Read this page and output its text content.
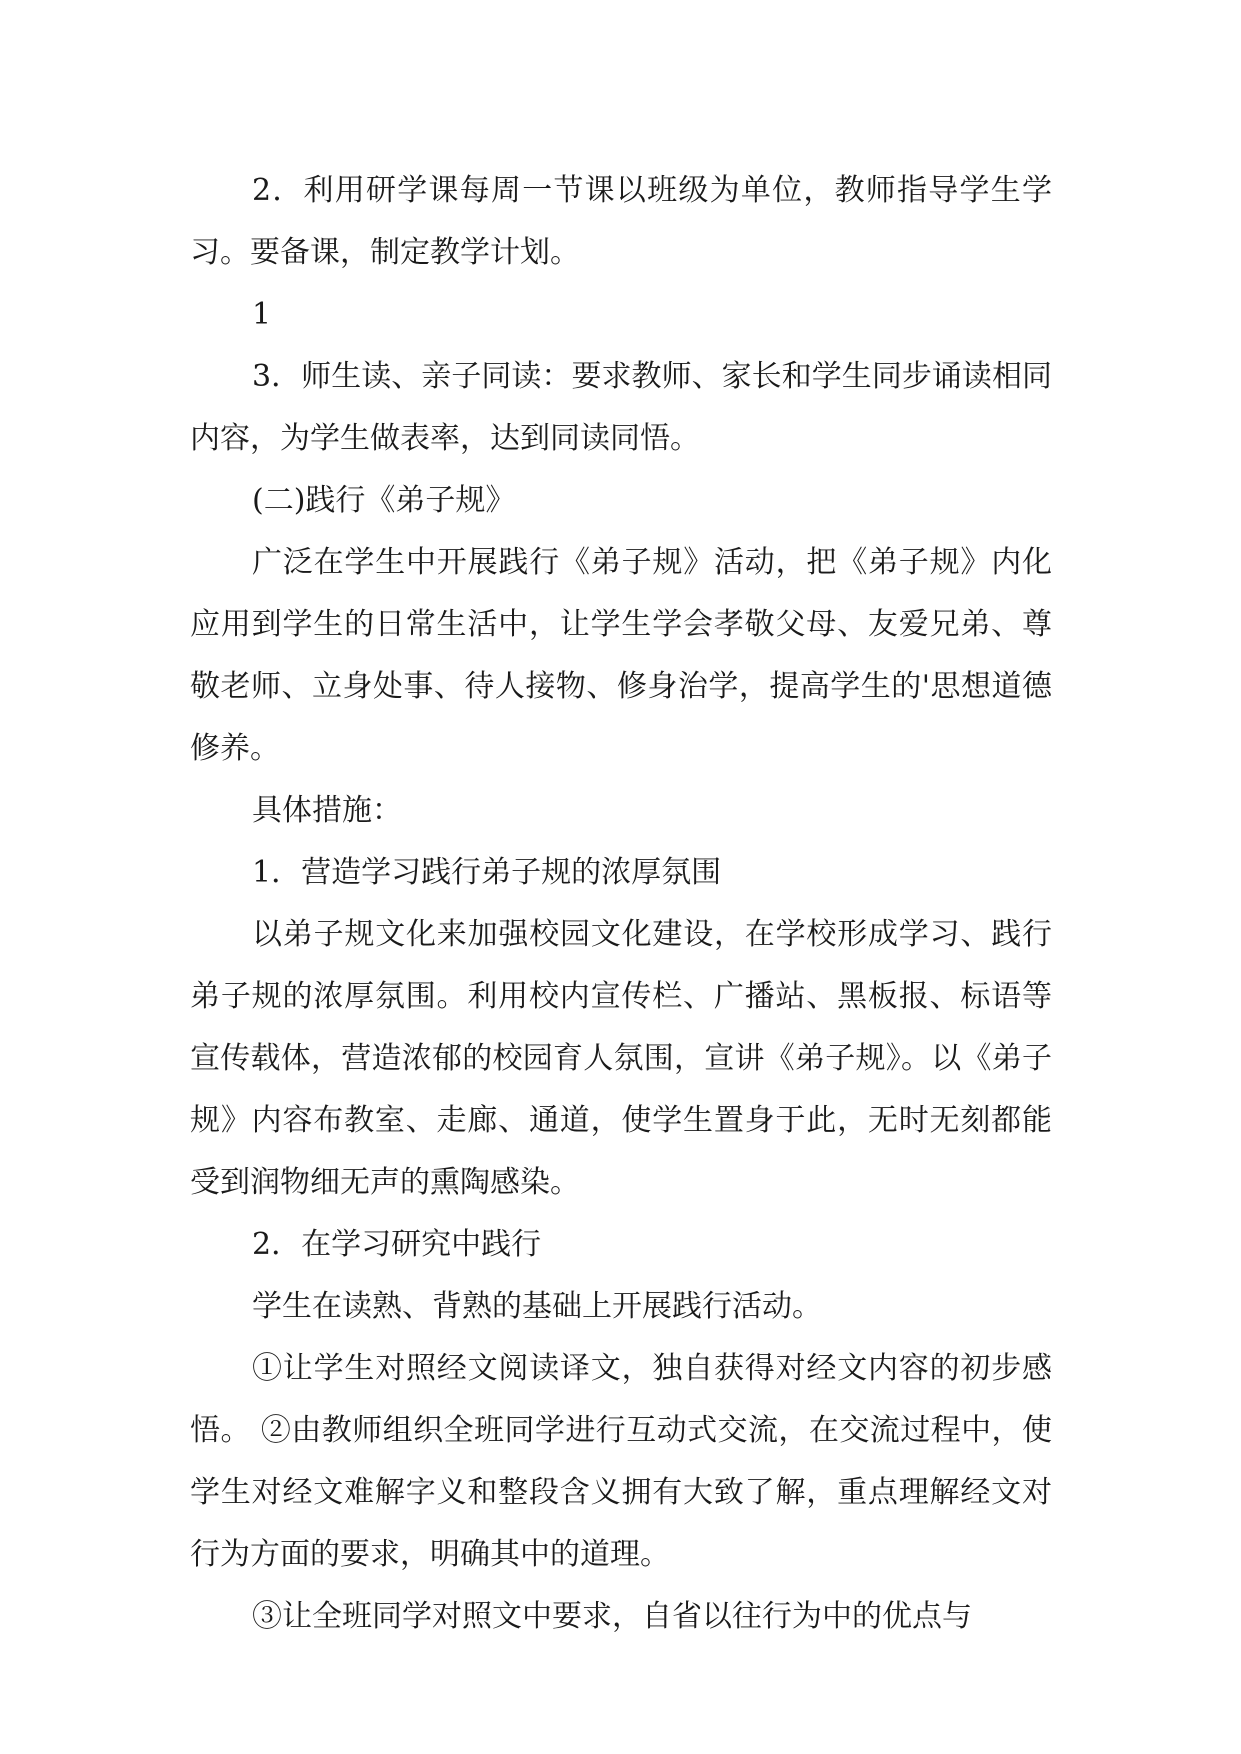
2．利用研学课每周一节课以班级为单位，教师指导学生学习。要备课，制定教学计划。

1

3．师生读、亲子同读：要求教师、家长和学生同步诵读相同内容，为学生做表率，达到同读同悟。

(二)践行《弟子规》

广泛在学生中开展践行《弟子规》活动，把《弟子规》内化应用到学生的日常生活中，让学生学会孝敬父母、友爱兄弟、尊敬老师、立身处事、待人接物、修身治学，提高学生的'思想道德修养。

具体措施：

1．营造学习践行弟子规的浓厚氛围

以弟子规文化来加强校园文化建设，在学校形成学习、践行弟子规的浓厚氛围。利用校内宣传栏、广播站、黑板报、标语等宣传载体，营造浓郁的校园育人氛围，宣讲《弟子规》。以《弟子规》内容布教室、走廊、通道，使学生置身于此，无时无刻都能受到润物细无声的熏陶感染。

2．在学习研究中践行

学生在读熟、背熟的基础上开展践行活动。

①让学生对照经文阅读译文，独自获得对经文内容的初步感悟。 ②由教师组织全班同学进行互动式交流，在交流过程中，使学生对经文难解字义和整段含义拥有大致了解，重点理解经文对行为方面的要求，明确其中的道理。

③让全班同学对照文中要求，自省以往行为中的优点与
